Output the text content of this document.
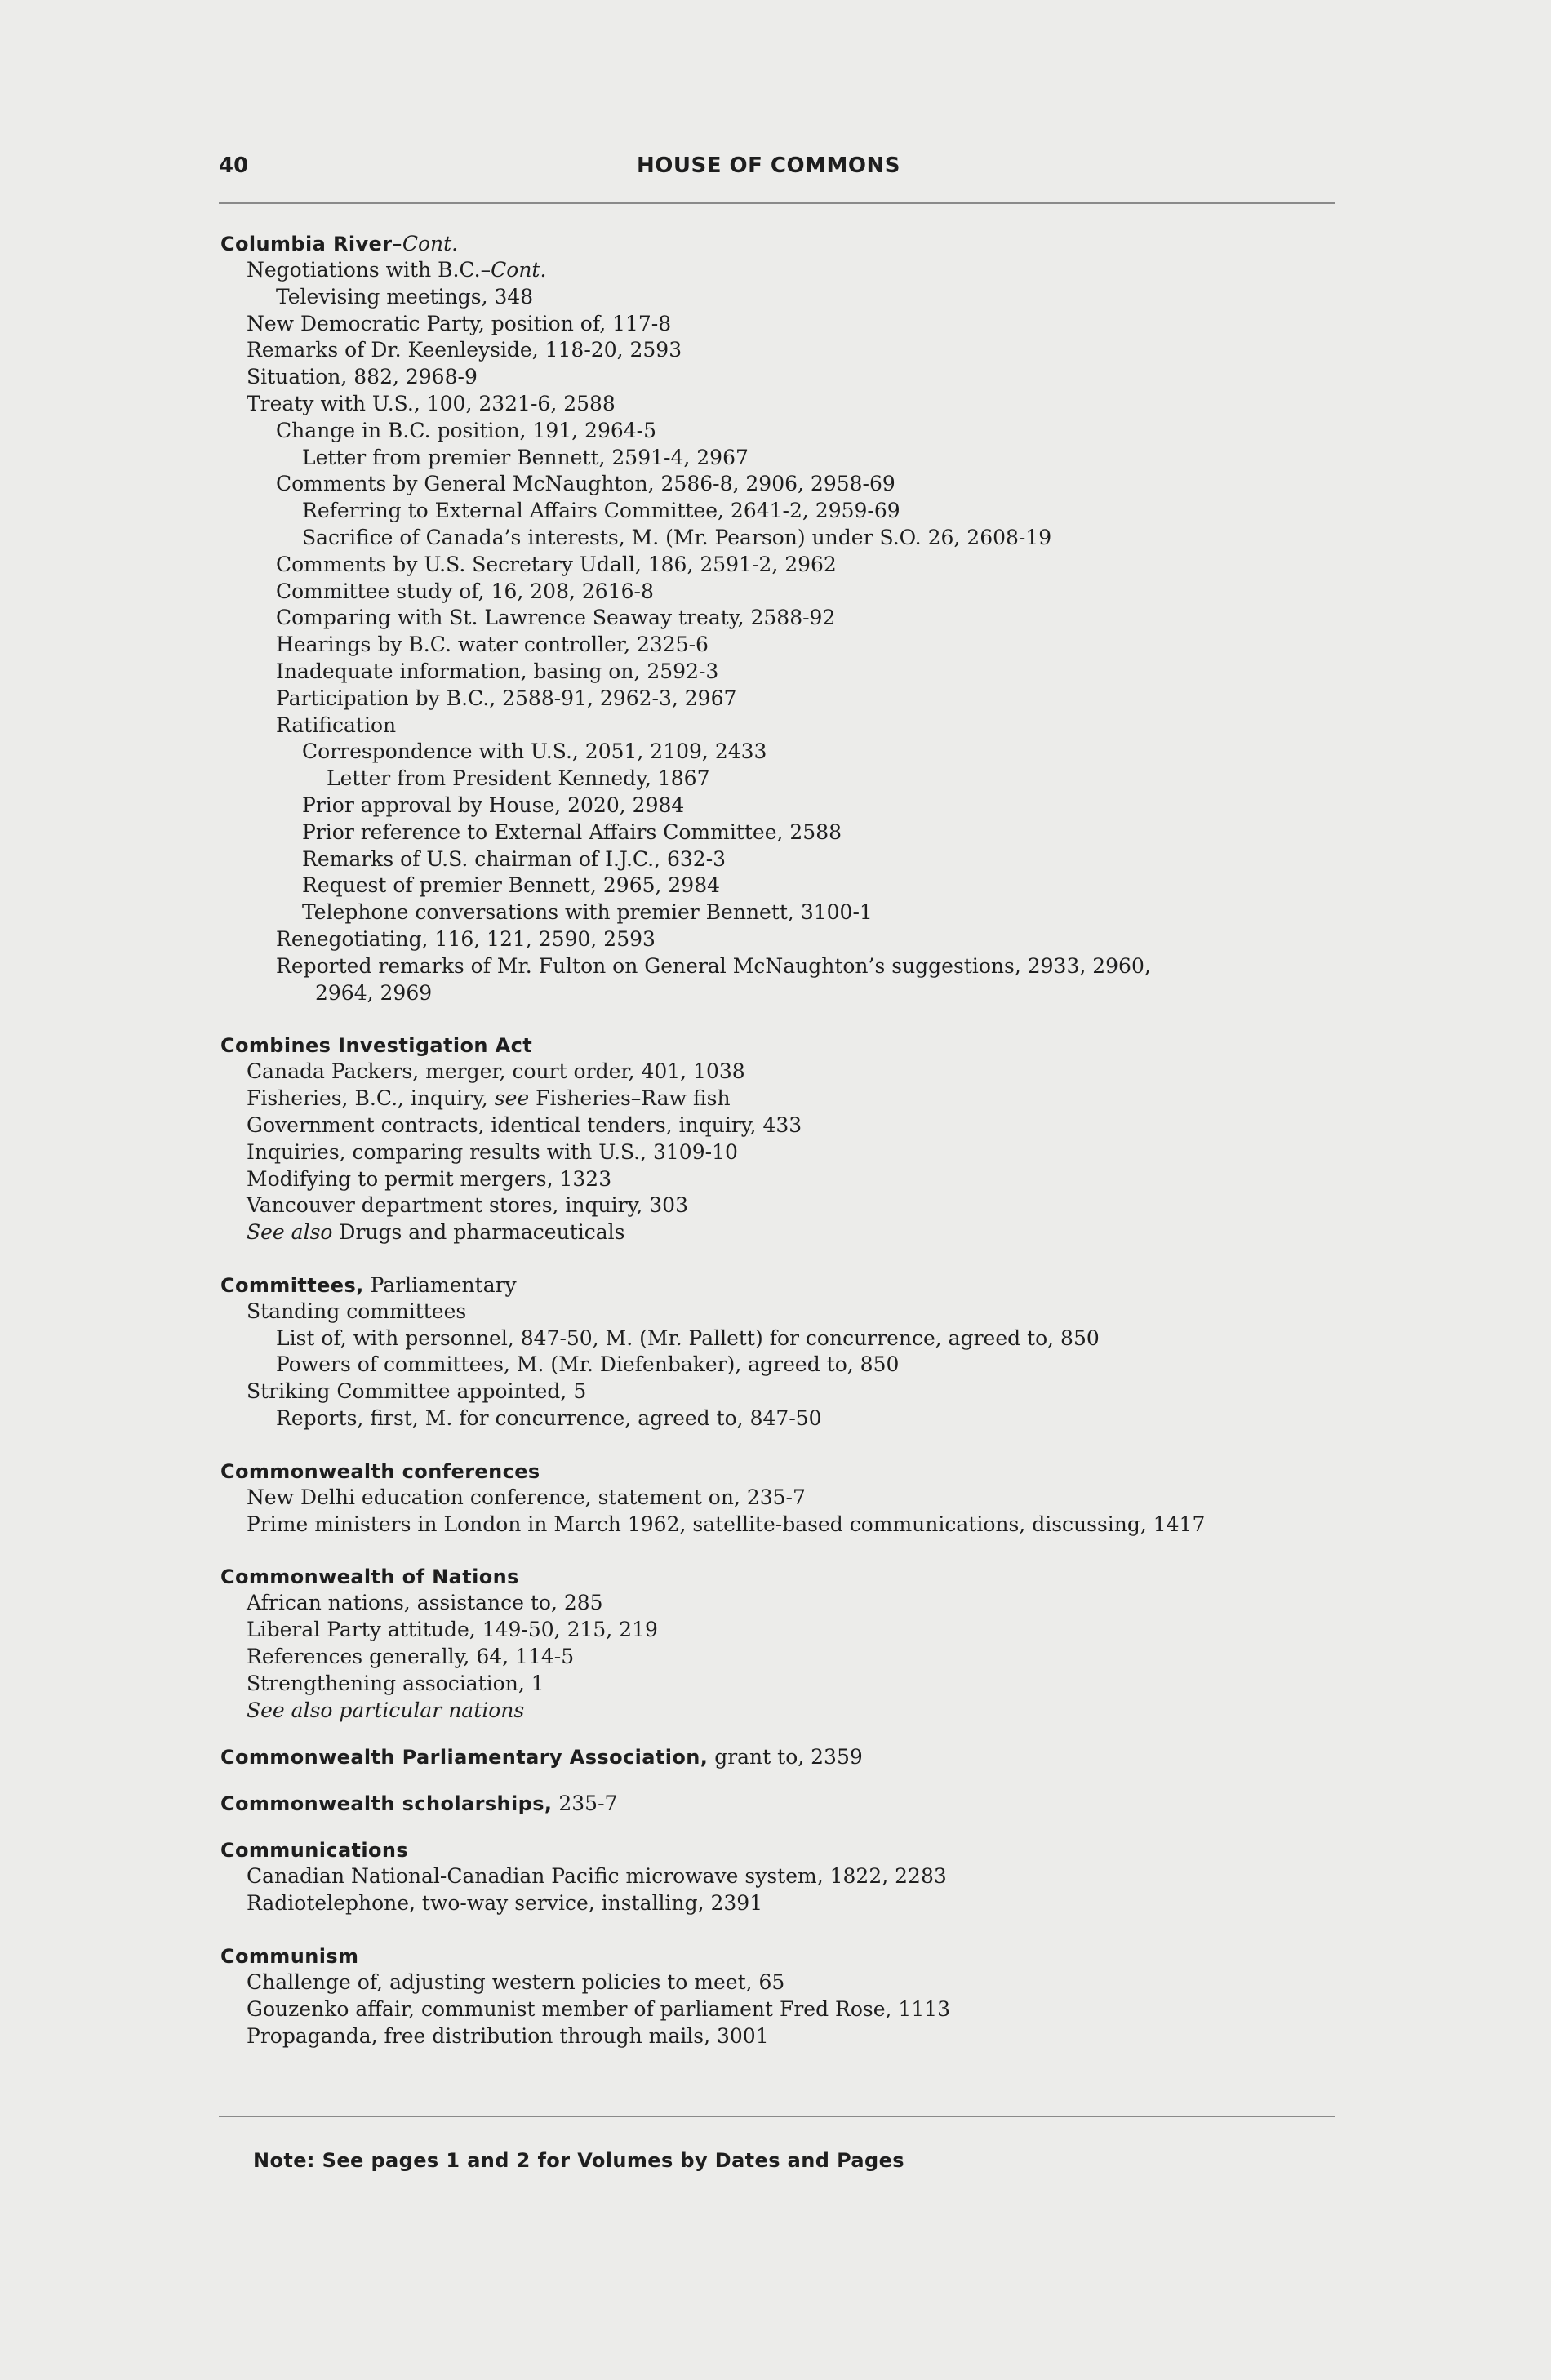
40	HOUSE OF COMMONS
Columbia River–Cont.
Negotiations with B.C.–Cont.
Televising meetings, 348
New Democratic Party, position of, 117-8
Remarks of Dr. Keenleyside, 118-20, 2593
Situation, 882, 2968-9
Treaty with U.S., 100, 2321-6, 2588
Change in B.C. position, 191, 2964-5
Letter from premier Bennett, 2591-4, 2967
Comments by General McNaughton, 2586-8, 2906, 2958-69
Referring to External Affairs Committee, 2641-2, 2959-69
Sacrifice of Canada’s interests, M. (Mr. Pearson) under S.O. 26, 2608-19
Comments by U.S. Secretary Udall, 186, 2591-2, 2962
Committee study of, 16, 208, 2616-8
Comparing with St. Lawrence Seaway treaty, 2588-92
Hearings by B.C. water controller, 2325-6
Inadequate information, basing on, 2592-3
Participation by B.C., 2588-91, 2962-3, 2967
Ratification
Correspondence with U.S., 2051, 2109, 2433
Letter from President Kennedy, 1867
Prior approval by House, 2020, 2984
Prior reference to External Affairs Committee, 2588
Remarks of U.S. chairman of I.J.C., 632-3
Request of premier Bennett, 2965, 2984
Telephone conversations with premier Bennett, 3100-1
Renegotiating, 116, 121, 2590, 2593
Reported remarks of Mr. Fulton on General McNaughton’s suggestions, 2933, 2960,
2964, 2969
Combines Investigation Act
Canada Packers, merger, court order, 401, 1038
Fisheries, B.C., inquiry, see Fisheries–Raw fish
Government contracts, identical tenders, inquiry, 433
Inquiries, comparing results with U.S., 3109-10
Modifying to permit mergers, 1323
Vancouver department stores, inquiry, 303
See also Drugs and pharmaceuticals
Committees, Parliamentary
Standing committees
List of, with personnel, 847-50, M. (Mr. Pallett) for concurrence, agreed to, 850
Powers of committees, M. (Mr. Diefenbaker), agreed to, 850
Striking Committee appointed, 5
Reports, first, M. for concurrence, agreed to, 847-50
Commonwealth conferences
New Delhi education conference, statement on, 235-7
Prime ministers in London in March 1962, satellite-based communications, discussing, 1417
Commonwealth of Nations
African nations, assistance to, 285
Liberal Party attitude, 149-50, 215, 219
References generally, 64, 114-5
Strengthening association, 1
See also particular nations
Commonwealth Parliamentary Association, grant to, 2359
Commonwealth scholarships, 235-7
Communications
Canadian National-Canadian Pacific microwave system, 1822, 2283
Radiotelephone, two-way service, installing, 2391
Communism
Challenge of, adjusting western policies to meet, 65
Gouzenko affair, communist member of parliament Fred Rose, 1113
Propaganda, free distribution through mails, 3001
Note: See pages 1 and 2 for Volumes by Dates and Pages
